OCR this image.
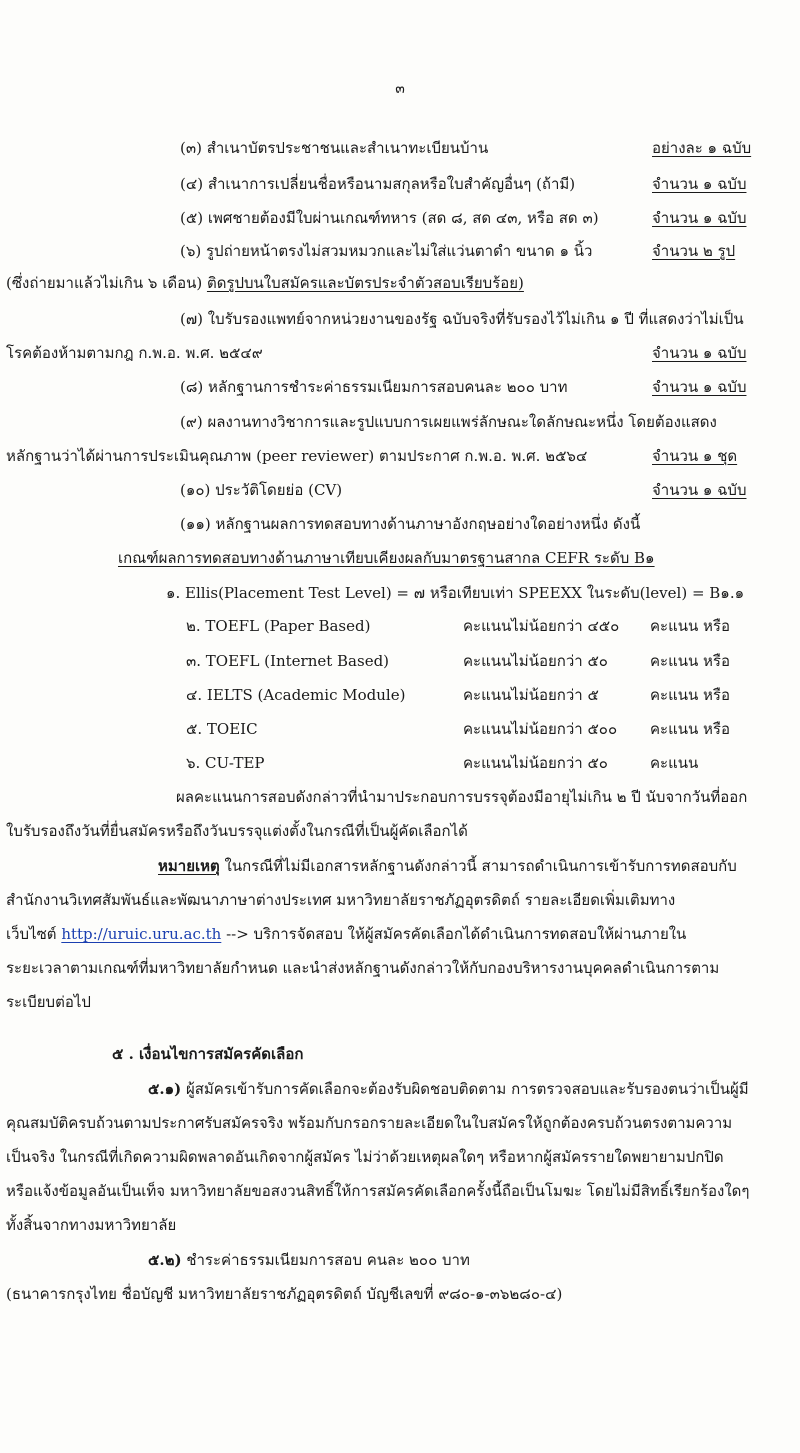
๓
(๓) สำเนาบัตรประชาชนและสำเนาทะเบียนบ้าน	อย่างละ ๑ ฉบับ
(๔) สำเนาการเปลี่ยนชื่อหรือนามสกุลหรือใบสำคัญอื่นๆ (ถ้ามี)	จำนวน ๑ ฉบับ
(๕) เพศชายต้องมีใบผ่านเกณฑ์ทหาร (สด ๘, สด ๔๓, หรือ สด ๓)	จำนวน ๑ ฉบับ
(๖) รูปถ่ายหน้าตรงไม่สวมหมวกและไม่ใส่แว่นตาดำ ขนาด ๑ นิ้ว	จำนวน ๒ รูป
(ซึ่งถ่ายมาแล้วไม่เกิน ๖ เดือน) ติดรูปบนใบสมัครและบัตรประจำตัวสอบเรียบร้อย)
(๗) ใบรับรองแพทย์จากหน่วยงานของรัฐ ฉบับจริงที่รับรองไว้ไม่เกิน ๑ ปี ที่แสดงว่าไม่เป็น
โรคต้องห้ามตามกฎ ก.พ.อ. พ.ศ. ๒๕๔๙	จำนวน ๑ ฉบับ
(๘) หลักฐานการชำระค่าธรรมเนียมการสอบคนละ ๒๐๐ บาท	จำนวน ๑ ฉบับ
(๙) ผลงานทางวิชาการและรูปแบบการเผยแพร่ลักษณะใดลักษณะหนึ่ง โดยต้องแสดง
หลักฐานว่าได้ผ่านการประเมินคุณภาพ (peer reviewer) ตามประกาศ ก.พ.อ. พ.ศ. ๒๕๖๔	จำนวน ๑ ชุด
(๑๐) ประวัติโดยย่อ (CV)	จำนวน ๑ ฉบับ
(๑๑) หลักฐานผลการทดสอบทางด้านภาษาอังกฤษอย่างใดอย่างหนึ่ง ดังนี้
เกณฑ์ผลการทดสอบทางด้านภาษาเทียบเคียงผลกับมาตรฐานสากล CEFR ระดับ B๑
๑. Ellis(Placement Test Level) = ๗ หรือเทียบเท่า SPEEXX ในระดับ(level) = B๑.๑
๒. TOEFL (Paper Based)	คะแนนไม่น้อยกว่า ๔๕๐ คะแนน หรือ
๓. TOEFL (Internet Based)	คะแนนไม่น้อยกว่า ๕๐	คะแนน หรือ
๔. IELTS (Academic Module)	คะแนนไม่น้อยกว่า ๕	คะแนน หรือ
๕. TOEIC	คะแนนไม่น้อยกว่า ๕๐๐ คะแนน หรือ
๖. CU-TEP	คะแนนไม่น้อยกว่า ๕๐	คะแนน
ผลคะแนนการสอบดังกล่าวที่นำมาประกอบการบรรจุต้องมีอายุไม่เกิน ๒ ปี นับจากวันที่ออก
ใบรับรองถึงวันที่ยื่นสมัครหรือถึงวันบรรจุแต่งตั้งในกรณีที่เป็นผู้คัดเลือกได้
หมายเหตุ ในกรณีที่ไม่มีเอกสารหลักฐานดังกล่าวนี้ สามารถดำเนินการเข้ารับการทดสอบกับ
สำนักงานวิเทศสัมพันธ์และพัฒนาภาษาต่างประเทศ มหาวิทยาลัยราชภัฏอุตรดิตถ์ รายละเอียดเพิ่มเติมทาง
เว็บไซต์ http://uruic.uru.ac.th --> บริการจัดสอบ ให้ผู้สมัครคัดเลือกได้ดำเนินการทดสอบให้ผ่านภายใน
ระยะเวลาตามเกณฑ์ที่มหาวิทยาลัยกำหนด และนำส่งหลักฐานดังกล่าวให้กับกองบริหารงานบุคคลดำเนินการตาม
ระเบียบต่อไป
๕ . เงื่อนไขการสมัครคัดเลือก
๕.๑) ผู้สมัครเข้ารับการคัดเลือกจะต้องรับผิดชอบติดตาม การตรวจสอบและรับรองตนว่าเป็นผู้มี
คุณสมบัติครบถ้วนตามประกาศรับสมัครจริง พร้อมกับกรอกรายละเอียดในใบสมัครให้ถูกต้องครบถ้วนตรงตามความ
เป็นจริง ในกรณีที่เกิดความผิดพลาดอันเกิดจากผู้สมัคร ไม่ว่าด้วยเหตุผลใดๆ หรือหากผู้สมัครรายใดพยายามปกปิด
หรือแจ้งข้อมูลอันเป็นเท็จ มหาวิทยาลัยขอสงวนสิทธิ์ให้การสมัครคัดเลือกครั้งนี้ถือเป็นโมฆะ โดยไม่มีสิทธิ์เรียกร้องใดๆ
ทั้งสิ้นจากทางมหาวิทยาลัย
๕.๒) ชำระค่าธรรมเนียมการสอบ คนละ ๒๐๐ บาท
(ธนาคารกรุงไทย ชื่อบัญชี มหาวิทยาลัยราชภัฏอุตรดิตถ์ บัญชีเลขที่ ๙๘๐-๑-๓๖๒๘๐-๔)
